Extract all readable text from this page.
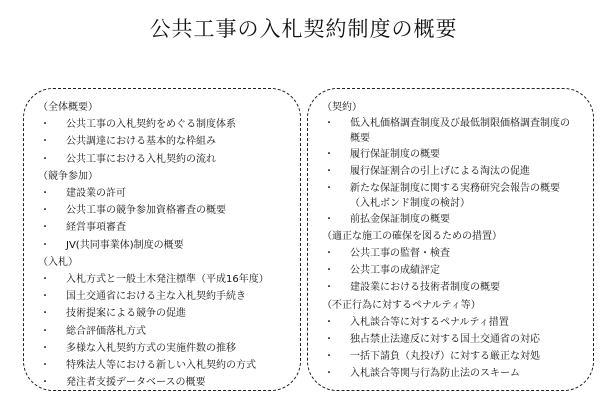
公共工事の入札契約制度の概要
（全体概要）
・	公共工事の入札契約をめぐる制度体系
・	公共調達における基本的な枠組み
・	公共工事における入札契約の流れ
（競争参加）
・	建設業の許可
・	公共工事の競争参加資格審査の概要
・	経営事項審査
・	JV(共同事業体)制度の概要
（入札）
・	入札方式と一般土木発注標準（平成16年度）
・	国土交通省における主な入札契約手続き
・	技術提案による競争の促進
・	総合評価落札方式
・	多様な入札契約方式の実施件数の推移
・	特殊法人等における新しい入札契約の方式
・	発注者支援データベースの概要
（契約）
・	低入札価格調査制度及び最低制限価格調査制度の概要
・	履行保証制度の概要
・	履行保証割合の引上げによる淘汰の促進
・	新たな保証制度に関する実務研究会報告の概要　（入札ボンド制度の検討）
・	前払金保証制度の概要
（適正な施工の確保を図るための措置）
・	公共工事の監督・検査
・	公共工事の成績評定
・	建設業における技術者制度の概要
（不正行為に対するペナルティ等）
・	入札談合等に対するペナルティ措置
・	独占禁止法違反に対する国土交通省の対応
・	一括下請負（丸投げ）に対する厳正な対処
・	入札談合等関与行為防止法のスキーム
